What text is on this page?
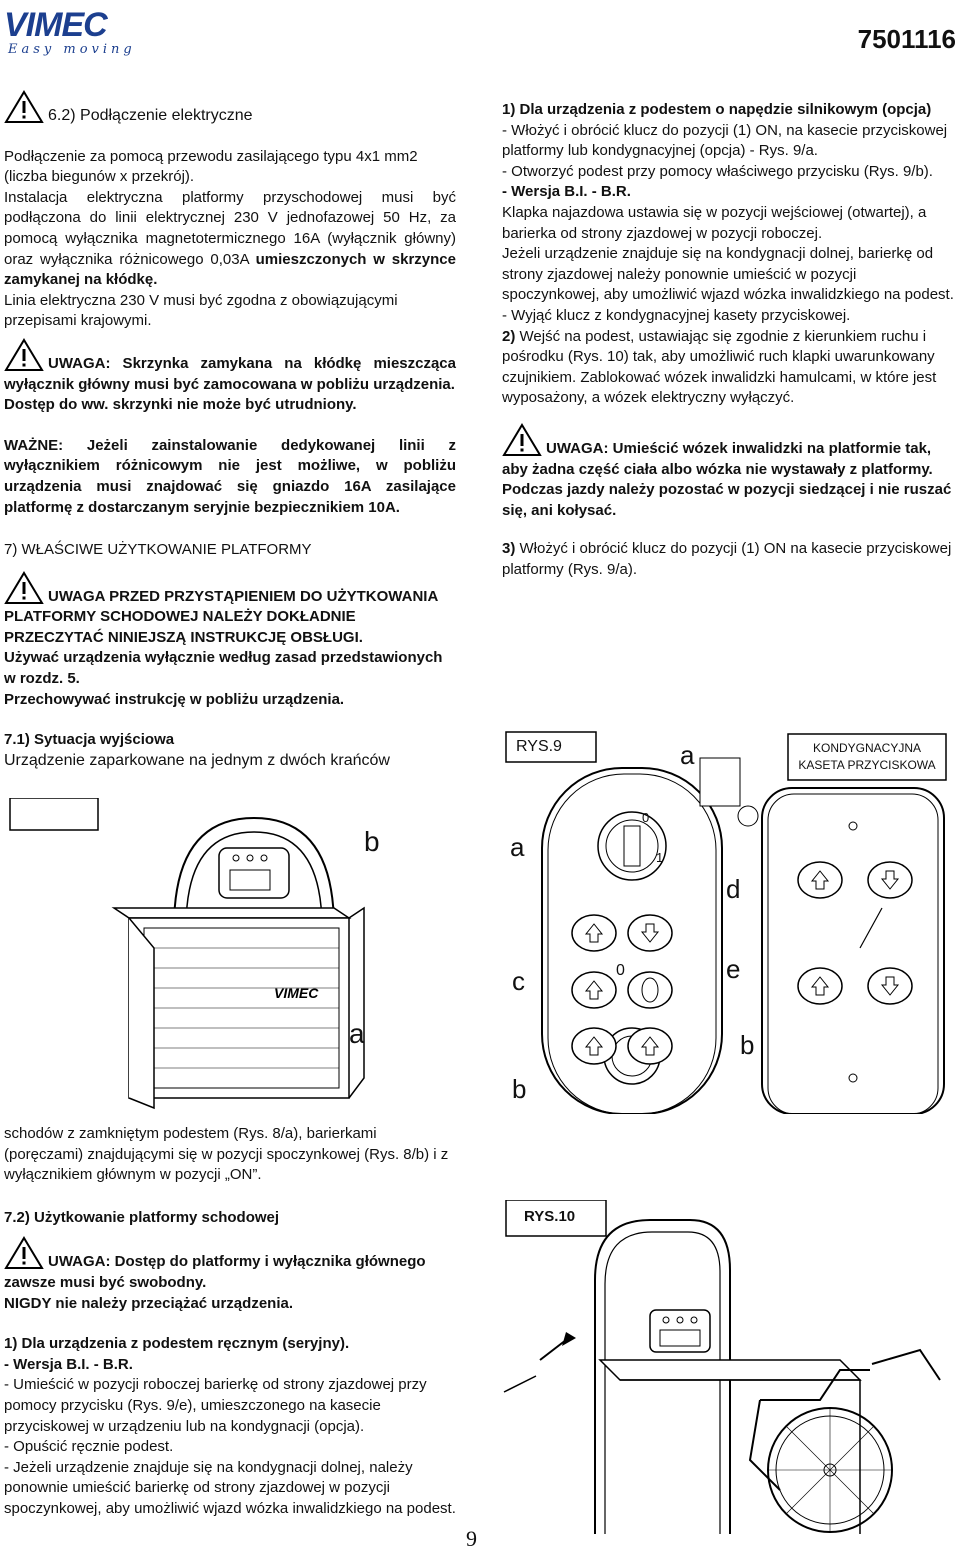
VIMEC
Easy moving	7501116
6.2) Podłączenie elektryczne

Podłączenie za pomocą przewodu zasilającego typu 4x1 mm2 (liczba biegunów x przekrój).

Instalacja elektryczna platformy przyschodowej musi być podłączona do linii elektrycznej 230 V jednofazowej 50 Hz, za pomocą wyłącznika magnetotermicznego 16A (wyłącznik główny) oraz wyłącznika różnicowego 0,03A umieszczonych w skrzynce zamykanej na kłódkę.

Linia elektryczna 230 V musi być zgodna z obowiązującymi przepisami krajowymi.

UWAGA: Skrzynka zamykana na kłódkę mieszcząca wyłącznik główny musi być zamocowana w pobliżu urządzenia.

Dostęp do ww. skrzynki nie może być utrudniony.

WAŻNE: Jeżeli zainstalowanie dedykowanej linii z wyłącznikiem różnicowym nie jest możliwe, w pobliżu urządzenia musi znajdować się gniazdo 16A zasilające platformę z dostarczanym seryjnie bezpiecznikiem 10A.

7) WŁAŚCIWE UŻYTKOWANIE PLATFORMY

UWAGA PRZED PRZYSTĄPIENIEM DO UŻYTKOWANIA PLATFORMY SCHODOWEJ NALEŻY DOKŁADNIE PRZECZYTAĆ NINIEJSZĄ INSTRUKCJĘ OBSŁUGI.

Używać urządzenia wyłącznie według zasad przedstawionych w rozdz. 5.

Przechowywać instrukcję w pobliżu urządzenia.

7.1) Sytuacja wyjściowa

Urządzenie zaparkowane na jednym z dwóch krańców

VIMEC
a
b

schodów z zamkniętym podestem (Rys. 8/a), barierkami (poręczami) znajdującymi się w pozycji spoczynkowej (Rys. 8/b) i z wyłącznikiem głównym w pozycji „ON”.

7.2) Użytkowanie platformy schodowej

UWAGA: Dostęp do platformy i wyłącznika głównego zawsze musi być swobodny.

NIGDY nie należy przeciążać urządzenia.

1) Dla urządzenia z podestem ręcznym (seryjny).

- Wersja B.I. - B.R.

- Umieścić w pozycji roboczej barierkę od strony zjazdowej przy pomocy przycisku (Rys. 9/e), umieszczonego na kasecie przyciskowej w urządzeniu lub na kondygnacji (opcja).

- Opuścić ręcznie podest.

- Jeżeli urządzenie znajduje się na kondygnacji dolnej, należy ponownie umieścić barierkę od strony zjazdowej w pozycji spoczynkowej, aby umożliwić wjazd wózka inwalidzkiego na podest.

1) Dla urządzenia z podestem o napędzie silnikowym (opcja)

- Włożyć i obrócić klucz do pozycji (1) ON, na kasecie przyciskowej platformy lub kondygnacyjnej (opcja) - Rys. 9/a.

- Otworzyć podest przy pomocy właściwego przycisku (Rys. 9/b).

- Wersja B.I. - B.R.

Klapka najazdowa ustawia się w pozycji wejściowej (otwartej), a barierka od strony zjazdowej w pozycji roboczej.

Jeżeli urządzenie znajduje się na kondygnacji dolnej, barierkę od strony zjazdowej należy ponownie umieścić w pozycji spoczynkowej, aby umożliwić wjazd wózka inwalidzkiego na podest.

- Wyjąć klucz z kondygnacyjnej kasety przyciskowej.

2) Wejść na podest, ustawiając się zgodnie z kierunkiem ruchu i pośrodku (Rys. 10) tak, aby umożliwić ruch klapki uwarunkowany czujnikiem. Zablokować wózek inwalidzki hamulcami, w które jest wyposażony, a wózek elektryczny wyłączyć.

UWAGA: Umieścić wózek inwalidzki na platformie tak, aby żadna część ciała albo wózka nie wystawały z platformy. Podczas jazdy należy pozostać w pozycji siedzącej i nie ruszać się, ani kołysać.

3) Włożyć i obrócić klucz do pozycji (1) ON na kasecie przyciskowej platformy (Rys. 9/a).

RYS.9	KONDYGNACYJNA KASETA PRZYCISKOWA
a
a
b
b
c
d
e
0
1
0
RYS.10
9
